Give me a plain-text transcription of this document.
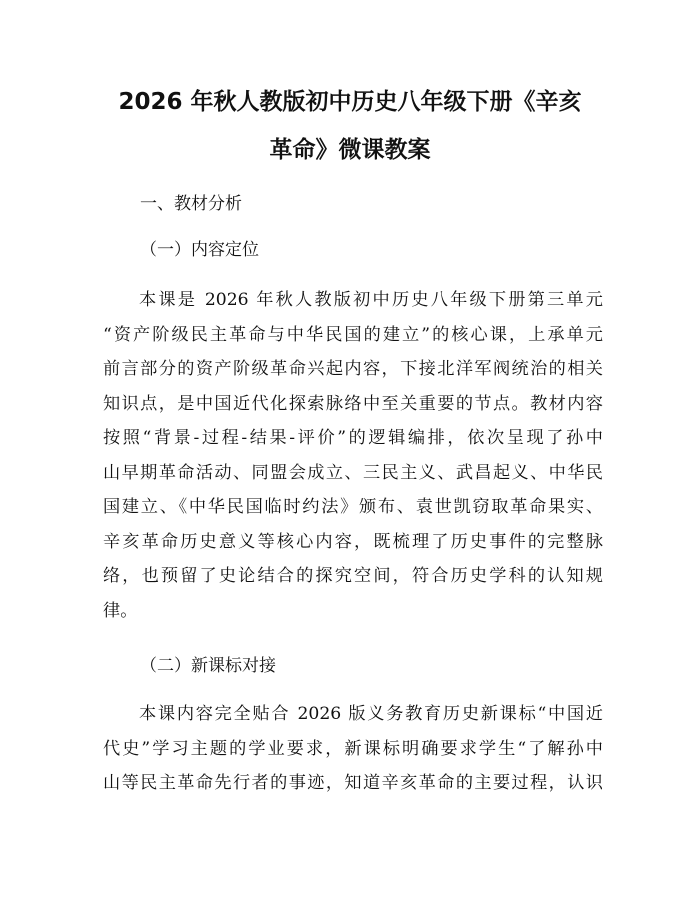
2026 年秋人教版初中历史八年级下册《辛亥
革命》微课教案

一、教材分析

（一）内容定位

本课是 2026 年秋人教版初中历史八年级下册第三单元
“资产阶级民主革命与中华民国的建立”的核心课，上承单元
前言部分的资产阶级革命兴起内容，下接北洋军阀统治的相关
知识点，是中国近代化探索脉络中至关重要的节点。教材内容
按照“背景-过程-结果-评价”的逻辑编排，依次呈现了孙中
山早期革命活动、同盟会成立、三民主义、武昌起义、中华民
国建立、《中华民国临时约法》颁布、袁世凯窃取革命果实、
辛亥革命历史意义等核心内容，既梳理了历史事件的完整脉
络，也预留了史论结合的探究空间，符合历史学科的认知规
律。

（二）新课标对接

本课内容完全贴合 2026 版义务教育历史新课标“中国近
代史”学习主题的学业要求，新课标明确要求学生“了解孙中
山等民主革命先行者的事迹，知道辛亥革命的主要过程，认识
